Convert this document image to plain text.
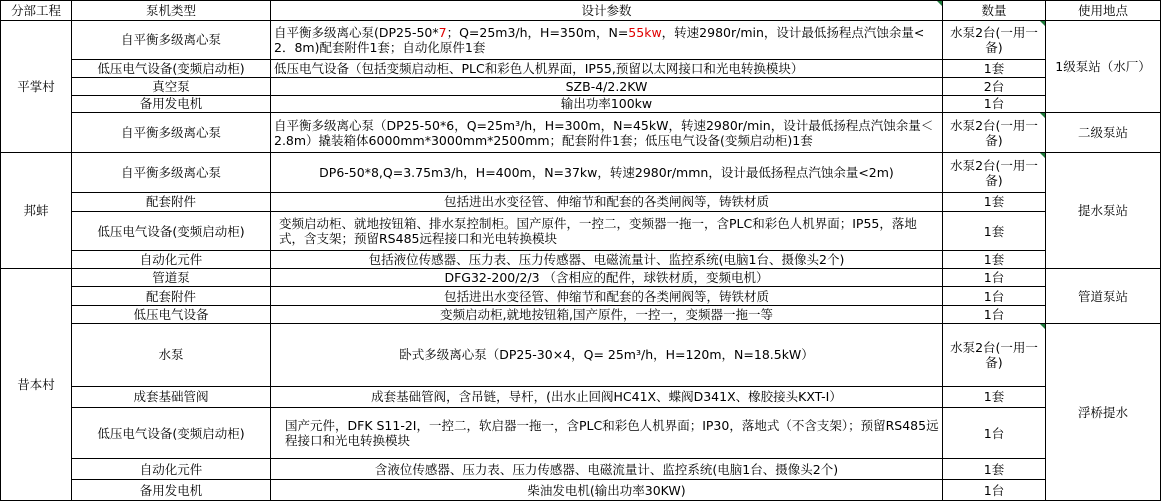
分部工程	泵机类型	设计参数	数量	使用地点
平掌村	自平衡多级离心泵	自平衡多级离心泵(DP25-50*7；Q=25m3/h，H=350m，N=55kw，转速2980r/min，设计最低扬程点汽蚀余量<2．8m)配套附件1套；自动化原件1套	水泵2台(一用一备)	1级泵站（水厂）
	低压电气设备(变频启动柜)	低压电气设备（包括变频启动柜、PLC和彩色人机界面，IP55,预留以太网接口和光电转换模块）	1套	
	真空泵	SZB-4/2.2KW	2台	
	备用发电机	输出功率100kw	1台	
	自平衡多级离心泵	自平衡多级离心泵（DP25-50*6，Q=25m³/h，H=300m，N=45kW，转速2980r/min，设计最低扬程点汽蚀余量＜2.8m）撬装箱体6000mm*3000mm*2500mm；配套附件1套；低压电气设备(变频启动柜)1套	水泵2台(一用一备)	二级泵站
邦蚌	自平衡多级离心泵	DP6-50*8,Q=3.75m3/h，H=400m，N=37kw，转速2980r/mmn，设计最低扬程点汽蚀余量<2m)	水泵2台(一用一备)	提水泵站
	配套附件	包括进出水变径管、伸缩节和配套的各类闸阀等，铸铁材质	1套	
	低压电气设备(变频启动柜)	变频启动柜、就地按钮箱、排水泵控制柜。国产原件，一控二，变频器一拖一，含PLC和彩色人机界面；IP55，落地式，含支架；预留RS485远程接口和光电转换模块	1套	
	自动化元件	包括液位传感器、压力表、压力传感器、电磁流量计、监控系统(电脑1台、摄像头2个)	1套	
昔本村	管道泵	DFG32-200/2/3 （含相应的配件，球铁材质，变频电机）	1台	管道泵站
	配套附件	包括进出水变径管、伸缩节和配套的各类闸阀等，铸铁材质	1台	
	低压电气设备	变频启动柜,就地按钮箱,国产原件，一控一，变频器一拖一等	1台	
	水泵	卧式多级离心泵（DP25-30×4，Q= 25m³/h，H=120m，N=18.5kW）	水泵2台(一用一备)	浮桥提水
	成套基础管阀	成套基础管阀，含吊链，导杆，(出水止回阀HC41X、蝶阀D341X、橡胶接头KXT-I）	1套	
	低压电气设备(变频启动柜)	国产元件，DFK S11-2I，一控二，软启器一拖一，含PLC和彩色人机界面；IP30，落地式（不含支架）；预留RS485远程接口和光电转换模块	1台	
	自动化元件	含液位传感器、压力表、压力传感器、电磁流量计、监控系统(电脑1台、摄像头2个)	1套	
	备用发电机	柴油发电机(输出功率30KW)	1台	
